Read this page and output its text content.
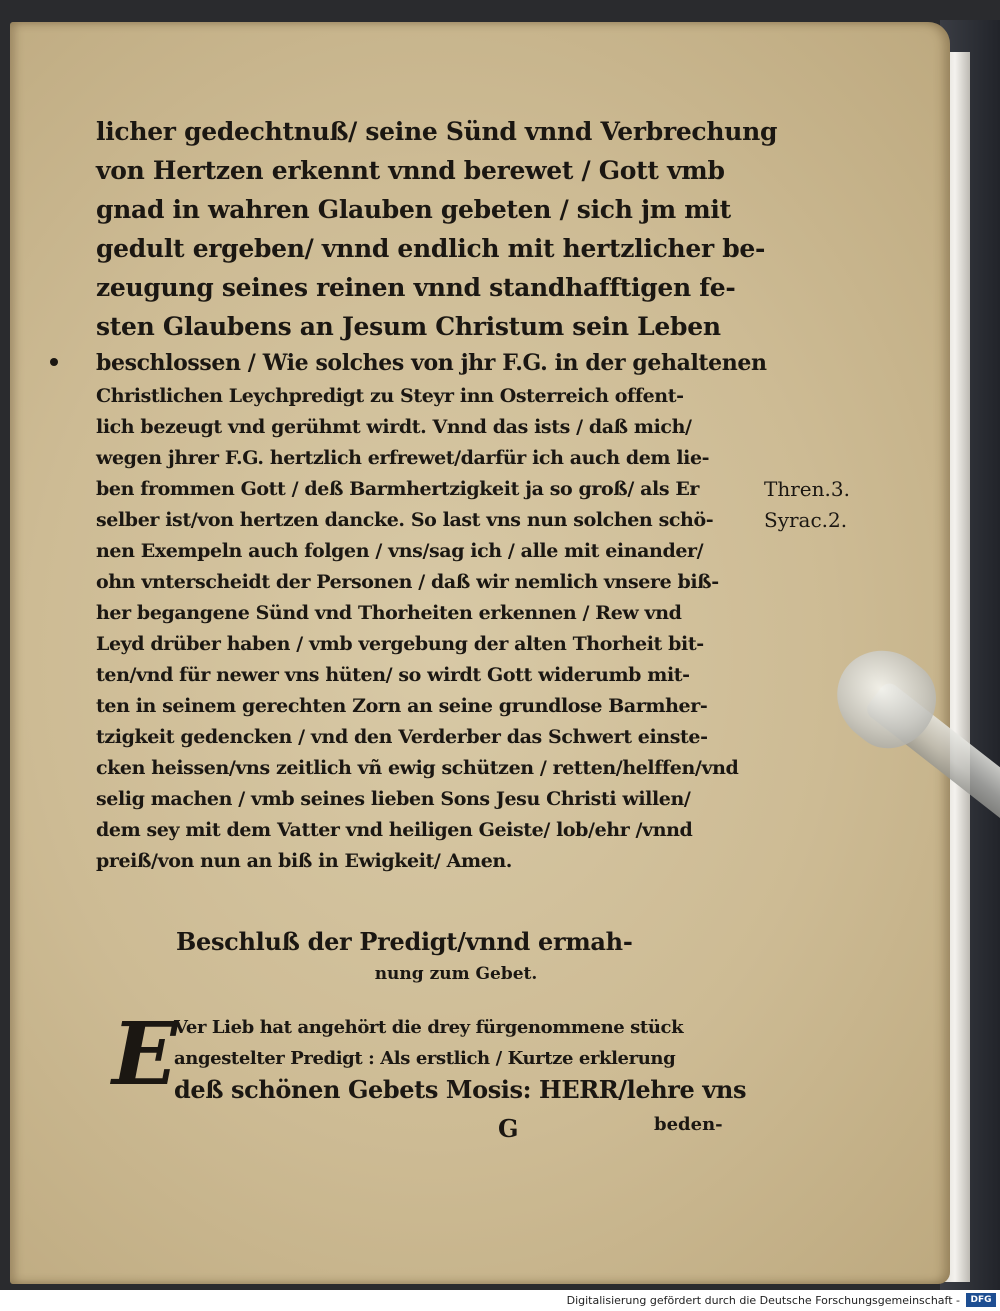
licher gedechtnuß/ seine Sünd vnnd Verbrechung
von Hertzen erkennt vnnd berewet / Gott vmb
gnad in wahren Glauben gebeten / sich jm mit
gedult ergeben/ vnnd endlich mit hertzlicher be-
zeugung seines reinen vnnd standhafftigen fe-
sten Glaubens an Jesum Christum sein Leben
beschlossen / Wie solches von jhr F.G. in der gehaltenen
Christlichen Leychpredigt zu Steyr inn Osterreich offent-
lich bezeugt vnd gerühmt wirdt. Vnnd das ists / daß mich/
wegen jhrer F.G. hertzlich erfrewet/darfür ich auch dem lie-
ben frommen Gott / deß Barmhertzigkeit ja so groß/ als Er
selber ist/von hertzen dancke. So last vns nun solchen schö-
nen Exempeln auch folgen / vns/sag ich / alle mit einander/
ohn vnterscheidt der Personen / daß wir nemlich vnsere biß-
her begangene Sünd vnd Thorheiten erkennen / Rew vnd
Leyd drüber haben / vmb vergebung der alten Thorheit bit-
ten/vnd für newer vns hüten/ so wirdt Gott widerumb mit-
ten in seinem gerechten Zorn an seine grundlose Barmher-
tzigkeit gedencken / vnd den Verderber das Schwert einste-
cken heissen/vns zeitlich vñ ewig schützen / retten/helffen/vnd
selig machen / vmb seines lieben Sons Jesu Christi willen/
dem sey mit dem Vatter vnd heiligen Geiste/ lob/ehr /vnnd
preiß/von nun an biß in Ewigkeit/ Amen.
Thren.3.
Syrac.2.
Beschluß der Predigt/vnnd ermah-
nung zum Gebet.
E
Ver Lieb hat angehört die drey fürgenommene stück
angestelter Predigt : Als erstlich / Kurtze erklerung
deß schönen Gebets Mosis: HERR/lehre vns
G	beden-
Digitalisierung gefördert durch die Deutsche Forschungsgemeinschaft -	DFG
